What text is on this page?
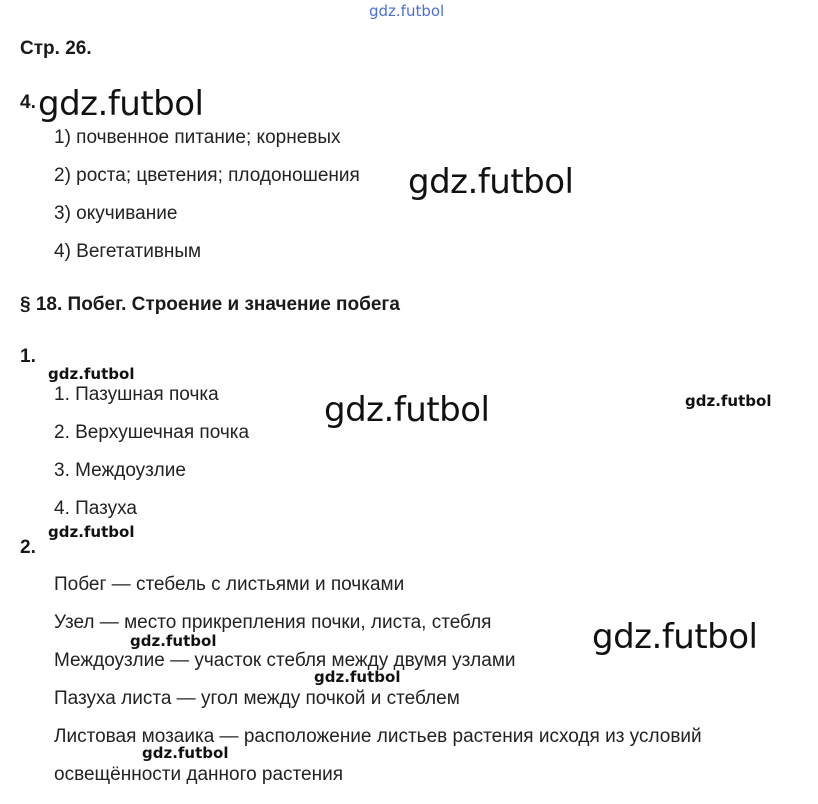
gdz.futbol
Стр. 26.
4. gdz.futbol
1) почвенное питание; корневых
2) роста; цветения; плодоношения gdz.futbol
3) окучивание
4) Вегетативным
§ 18. Побег. Строение и значение побега
1.
gdz.futbol
1. Пазушная почка	gdz.futbol	gdz.futbol
2. Верхушечная почка
3. Междоузлие
4. Пазуха
gdz.futbol
2.
Побег — стебель с листьями и почками
Узел — место прикрепления почки, листа, стебля	gdz.futbol
gdz.futbol
Междоузлие — участок стебля между двумя узлами
gdz.futbol
Пазуха листа — угол между почкой и стеблем
Листовая мозаика — расположение листьев растения исходя из условий
gdz.futbol
освещённости данного растения
